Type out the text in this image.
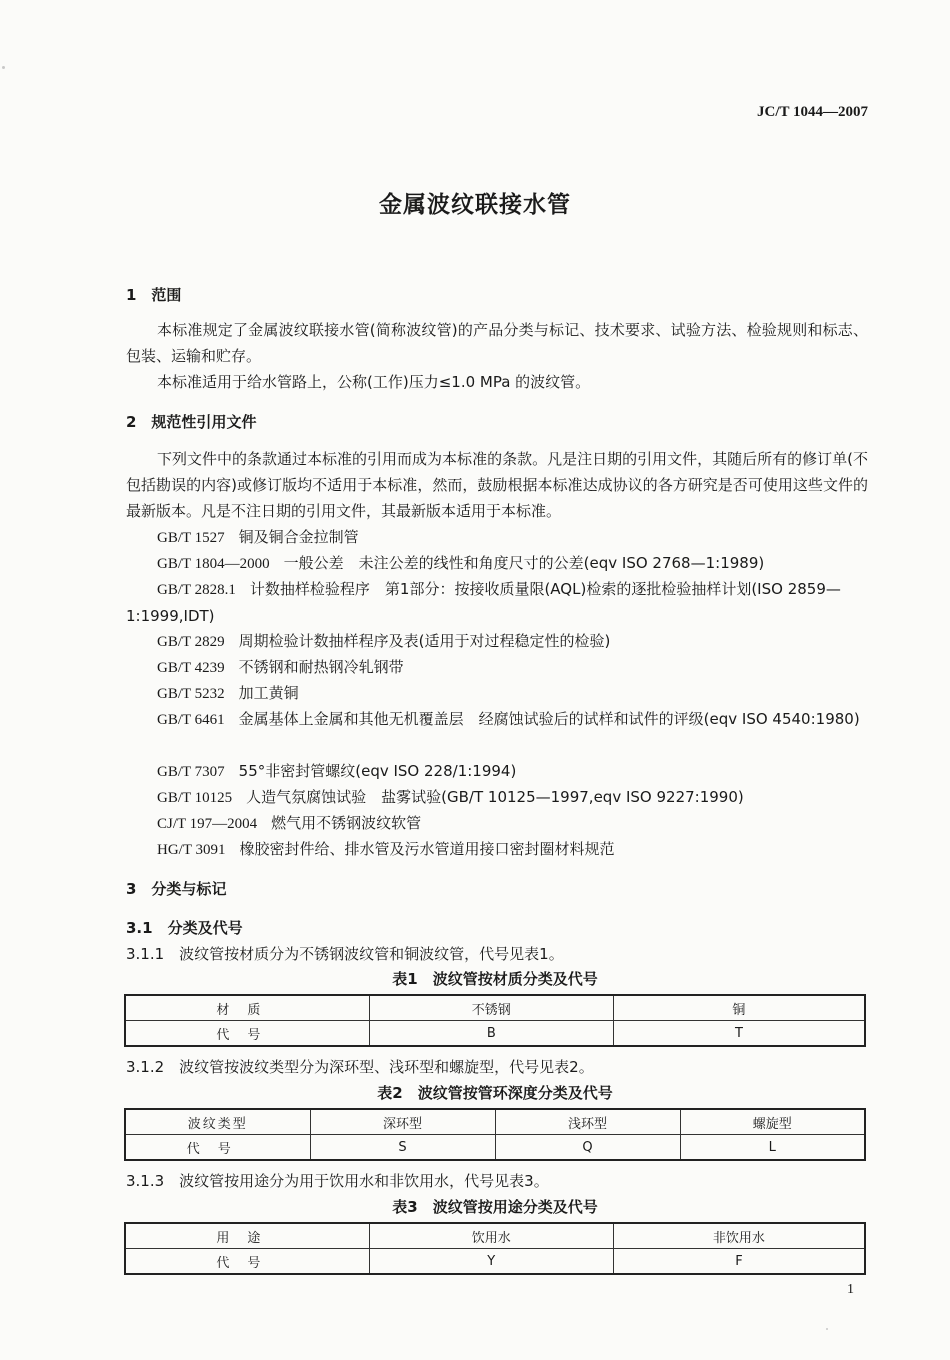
JC/T 1044—2007
金属波纹联接水管
1　范围
本标准规定了金属波纹联接水管(简称波纹管)的产品分类与标记、技术要求、试验方法、检验规则和标志、包装、运输和贮存。
本标准适用于给水管路上，公称(工作)压力≤1.0 MPa 的波纹管。
2　规范性引用文件
下列文件中的条款通过本标准的引用而成为本标准的条款。凡是注日期的引用文件，其随后所有的修订单(不包括勘误的内容)或修订版均不适用于本标准，然而，鼓励根据本标准达成协议的各方研究是否可使用这些文件的最新版本。凡是不注日期的引用文件，其最新版本适用于本标准。
GB/T 1527 铜及铜合金拉制管
GB/T 1804—2000 一般公差　未注公差的线性和角度尺寸的公差(eqv ISO 2768—1:1989)
GB/T 2828.1 计数抽样检验程序　第1部分：按接收质量限(AQL)检索的逐批检验抽样计划(ISO 2859—1:1999,IDT)
GB/T 2829 周期检验计数抽样程序及表(适用于对过程稳定性的检验)
GB/T 4239 不锈钢和耐热钢冷轧钢带
GB/T 5232 加工黄铜
GB/T 6461 金属基体上金属和其他无机覆盖层　经腐蚀试验后的试样和试件的评级(eqv ISO 4540:1980)
GB/T 7307 55°非密封管螺纹(eqv ISO 228/1:1994)
GB/T 10125 人造气氛腐蚀试验　盐雾试验(GB/T 10125—1997,eqv ISO 9227:1990)
CJ/T 197—2004 燃气用不锈钢波纹软管
HG/T 3091 橡胶密封件给、排水管及污水管道用接口密封圈材料规范
3　分类与标记
3.1　分类及代号
3.1.1　波纹管按材质分为不锈钢波纹管和铜波纹管，代号见表1。
表1　波纹管按材质分类及代号
材质	不锈钢	铜
代号	B	T
3.1.2　波纹管按波纹类型分为深环型、浅环型和螺旋型，代号见表2。
表2　波纹管按管环深度分类及代号
波纹类型	深环型	浅环型	螺旋型
代号	S	Q	L
3.1.3　波纹管按用途分为用于饮用水和非饮用水，代号见表3。
表3　波纹管按用途分类及代号
用途	饮用水	非饮用水
代号	Y	F
1
